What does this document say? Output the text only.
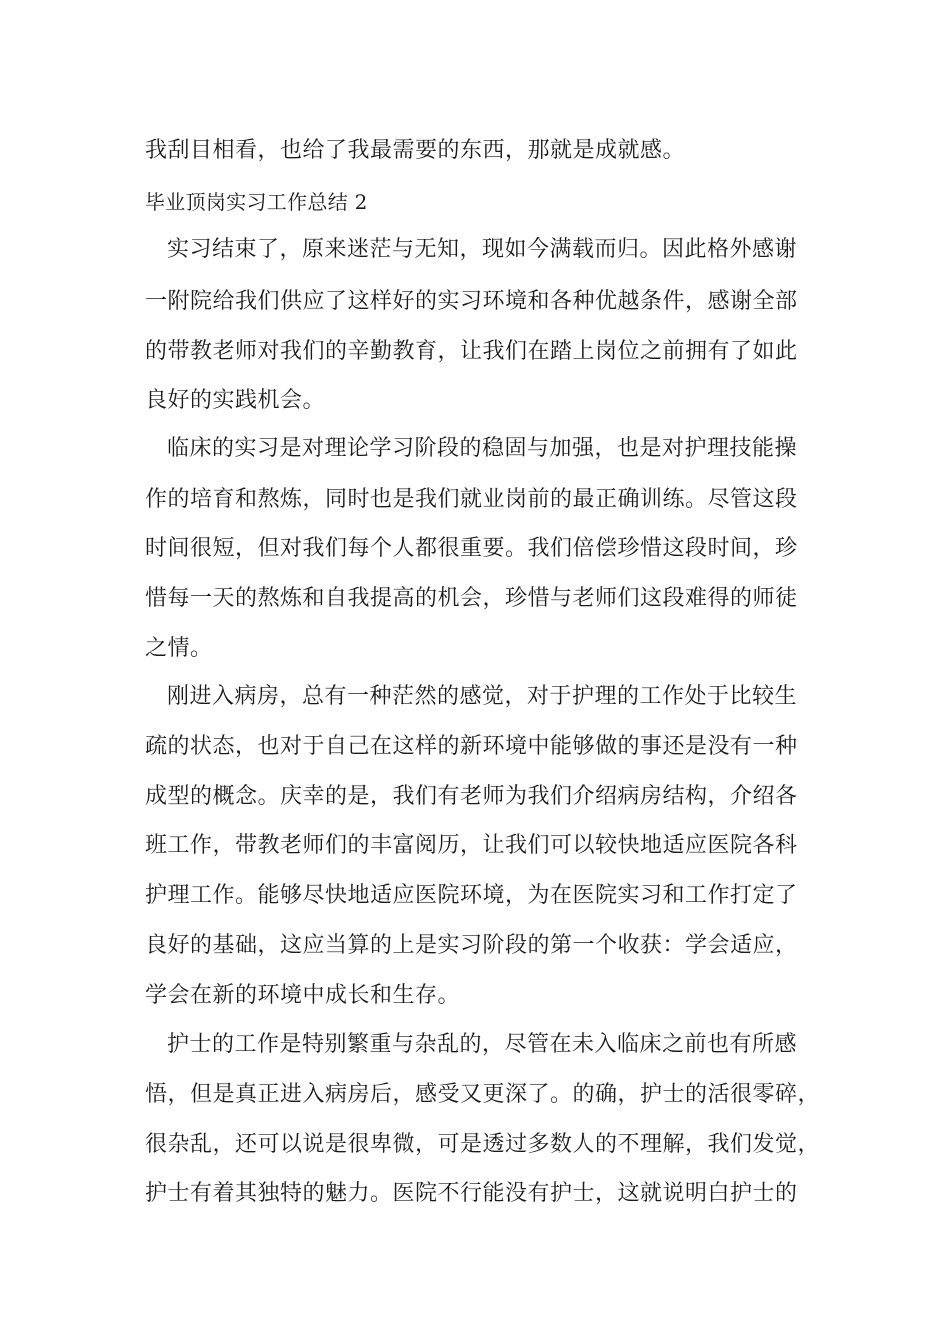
我刮目相看，也给了我最需要的东西，那就是成就感。
毕业顶岗实习工作总结 2
实习结束了，原来迷茫与无知，现如今满载而归。因此格外感谢
一附院给我们供应了这样好的实习环境和各种优越条件，感谢全部
的带教老师对我们的辛勤教育，让我们在踏上岗位之前拥有了如此
良好的实践机会。
临床的实习是对理论学习阶段的稳固与加强，也是对护理技能操
作的培育和熬炼，同时也是我们就业岗前的最正确训练。尽管这段
时间很短，但对我们每个人都很重要。我们倍偿珍惜这段时间，珍
惜每一天的熬炼和自我提高的机会，珍惜与老师们这段难得的师徒
之情。
刚进入病房，总有一种茫然的感觉，对于护理的工作处于比较生
疏的状态，也对于自己在这样的新环境中能够做的事还是没有一种
成型的概念。庆幸的是，我们有老师为我们介绍病房结构，介绍各
班工作，带教老师们的丰富阅历，让我们可以较快地适应医院各科
护理工作。能够尽快地适应医院环境，为在医院实习和工作打定了
良好的基础，这应当算的上是实习阶段的第一个收获：学会适应，
学会在新的环境中成长和生存。
护士的工作是特别繁重与杂乱的，尽管在未入临床之前也有所感
悟，但是真正进入病房后，感受又更深了。的确，护士的活很零碎，
很杂乱，还可以说是很卑微，可是透过多数人的不理解，我们发觉，
护士有着其独特的魅力。医院不行能没有护士，这就说明白护士的
